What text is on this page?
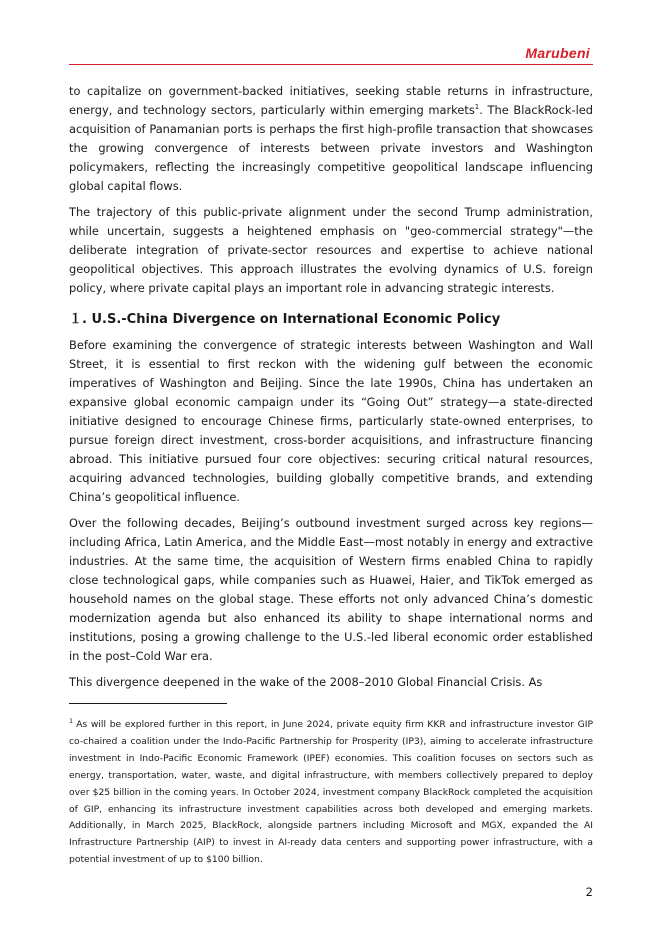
Marubeni

to capitalize on government-backed initiatives, seeking stable returns in infrastructure, energy, and technology sectors, particularly within emerging markets$^1$. The BlackRock-led acquisition of Panamanian ports is perhaps the first high-profile transaction that showcases the growing convergence of interests between private investors and Washington policymakers, reflecting the increasingly competitive geopolitical landscape influencing global capital flows.

The trajectory of this public-private alignment under the second Trump administration, while uncertain, suggests a heightened emphasis on "geo-commercial strategy"—the deliberate integration of private-sector resources and expertise to achieve national geopolitical objectives. This approach illustrates the evolving dynamics of U.S. foreign policy, where private capital plays an important role in advancing strategic interests.

１. U.S.-China Divergence on International Economic Policy

Before examining the convergence of strategic interests between Washington and Wall Street, it is essential to first reckon with the widening gulf between the economic imperatives of Washington and Beijing. Since the late 1990s, China has undertaken an expansive global economic campaign under its “Going Out” strategy—a state-directed initiative designed to encourage Chinese firms, particularly state-owned enterprises, to pursue foreign direct investment, cross-border acquisitions, and infrastructure financing abroad. This initiative pursued four core objectives: securing critical natural resources, acquiring advanced technologies, building globally competitive brands, and extending China’s geopolitical influence.

Over the following decades, Beijing’s outbound investment surged across key regions—including Africa, Latin America, and the Middle East—most notably in energy and extractive industries. At the same time, the acquisition of Western firms enabled China to rapidly close technological gaps, while companies such as Huawei, Haier, and TikTok emerged as household names on the global stage. These efforts not only advanced China’s domestic modernization agenda but also enhanced its ability to shape international norms and institutions, posing a growing challenge to the U.S.-led liberal economic order established in the post–Cold War era.

This divergence deepened in the wake of the 2008–2010 Global Financial Crisis. As

$^1$ As will be explored further in this report, in June 2024, private equity firm KKR and infrastructure investor GIP co-chaired a coalition under the Indo-Pacific Partnership for Prosperity (IP3), aiming to accelerate infrastructure investment in Indo-Pacific Economic Framework (IPEF) economies. This coalition focuses on sectors such as energy, transportation, water, waste, and digital infrastructure, with members collectively prepared to deploy over $25 billion in the coming years. In October 2024, investment company BlackRock completed the acquisition of GIP, enhancing its infrastructure investment capabilities across both developed and emerging markets. Additionally, in March 2025, BlackRock, alongside partners including Microsoft and MGX, expanded the AI Infrastructure Partnership (AIP) to invest in AI-ready data centers and supporting power infrastructure, with a potential investment of up to $100 billion.
2
